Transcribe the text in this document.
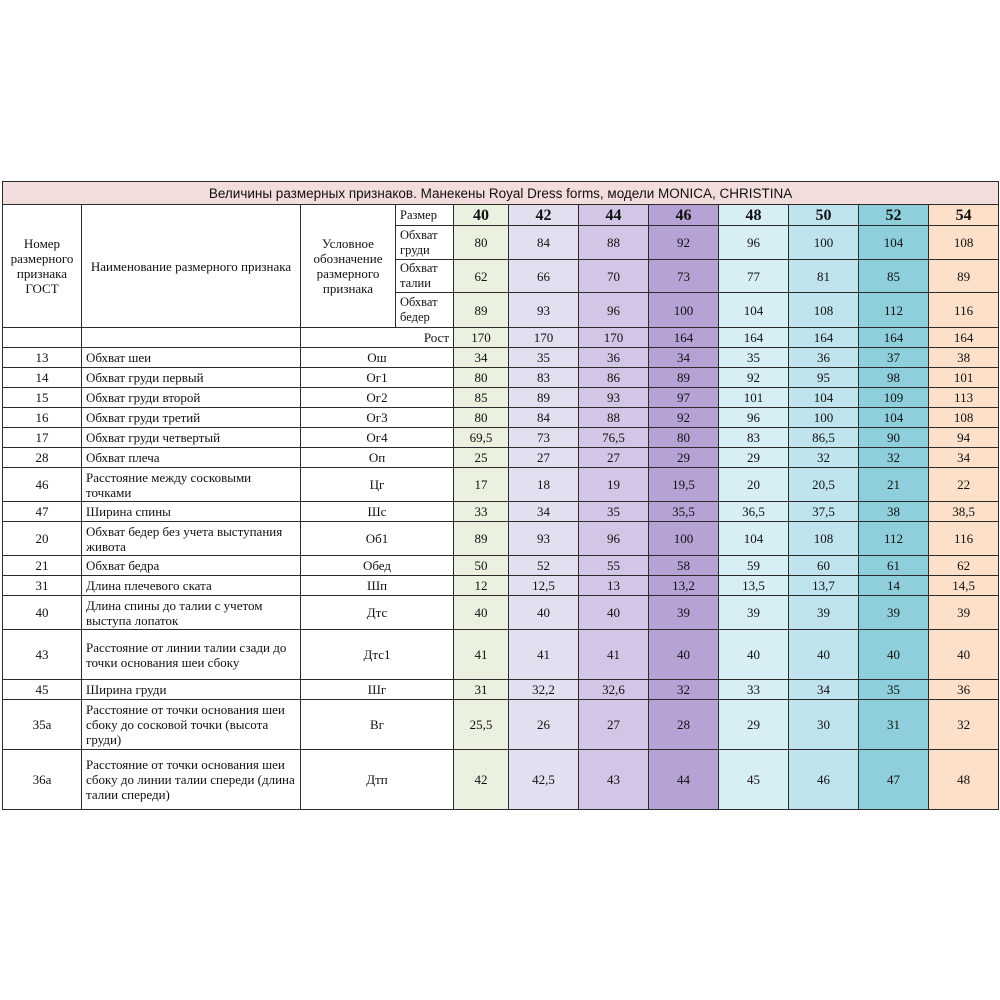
Величины размерных признаков. Манекены Royal Dress forms, модели MONICA, CHRISTINA											
Номер размерного признака ГОСТ	Наименование размерного признака	Условное обозначение размерного признака	Размер	40	42	44	46	48	50	52	54
			Обхват груди	80	84	88	92	96	100	104	108
			Обхват талии	62	66	70	73	77	81	85	89
			Обхват бедер	89	93	96	100	104	108	112	116
		Рост		170	170	170	164	164	164	164	164
13	Обхват шеи	Ош		34	35	36	34	35	36	37	38
14	Обхват груди первый	Ог1		80	83	86	89	92	95	98	101
15	Обхват груди второй	Ог2		85	89	93	97	101	104	109	113
16	Обхват груди третий	Ог3		80	84	88	92	96	100	104	108
17	Обхват груди четвертый	Ог4		69,5	73	76,5	80	83	86,5	90	94
28	Обхват плеча	Оп		25	27	27	29	29	32	32	34
46	Расстояние между сосковыми точками	Цг		17	18	19	19,5	20	20,5	21	22
47	Ширина спины	Шс		33	34	35	35,5	36,5	37,5	38	38,5
20	Обхват бедер без учета выступания живота	Об1		89	93	96	100	104	108	112	116
21	Обхват бедра	Обед		50	52	55	58	59	60	61	62
31	Длина плечевого ската	Шп		12	12,5	13	13,2	13,5	13,7	14	14,5
40	Длина спины до талии с учетом выступа лопаток	Дтс		40	40	40	39	39	39	39	39
43	Расстояние от линии талии сзади до точки основания шеи сбоку	Дтс1		41	41	41	40	40	40	40	40
45	Ширина груди	Шг		31	32,2	32,6	32	33	34	35	36
35а	Расстояние от точки основания шеи сбоку до сосковой точки (высота груди)	Вг		25,5	26	27	28	29	30	31	32
36а	Расстояние от точки основания шеи сбоку до линии талии спереди (длина талии спереди)	Дтп		42	42,5	43	44	45	46	47	48
